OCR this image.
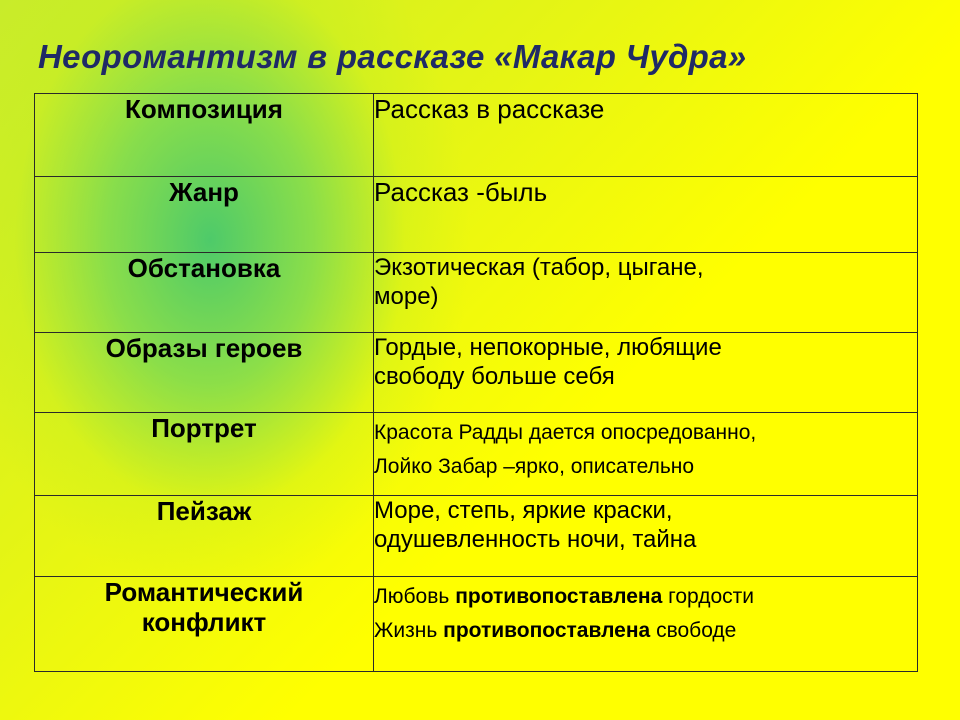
Неоромантизм в рассказе «Макар Чудра»
Композиция	Рассказ в рассказе
Жанр	Рассказ -быль
Обстановка	Экзотическая (табор, цыгане,
море)

Образы героев	Гордые, непокорные, любящие
свободу больше себя

Портрет	Красота Радды дается опосредованно,
Лойко Забар –ярко, описательно

Пейзаж	Море, степь, яркие краски,
одушевленность ночи, тайна

Романтический
конфликт	Любовь противопоставлена гордости
Жизнь противопоставлена свободе
